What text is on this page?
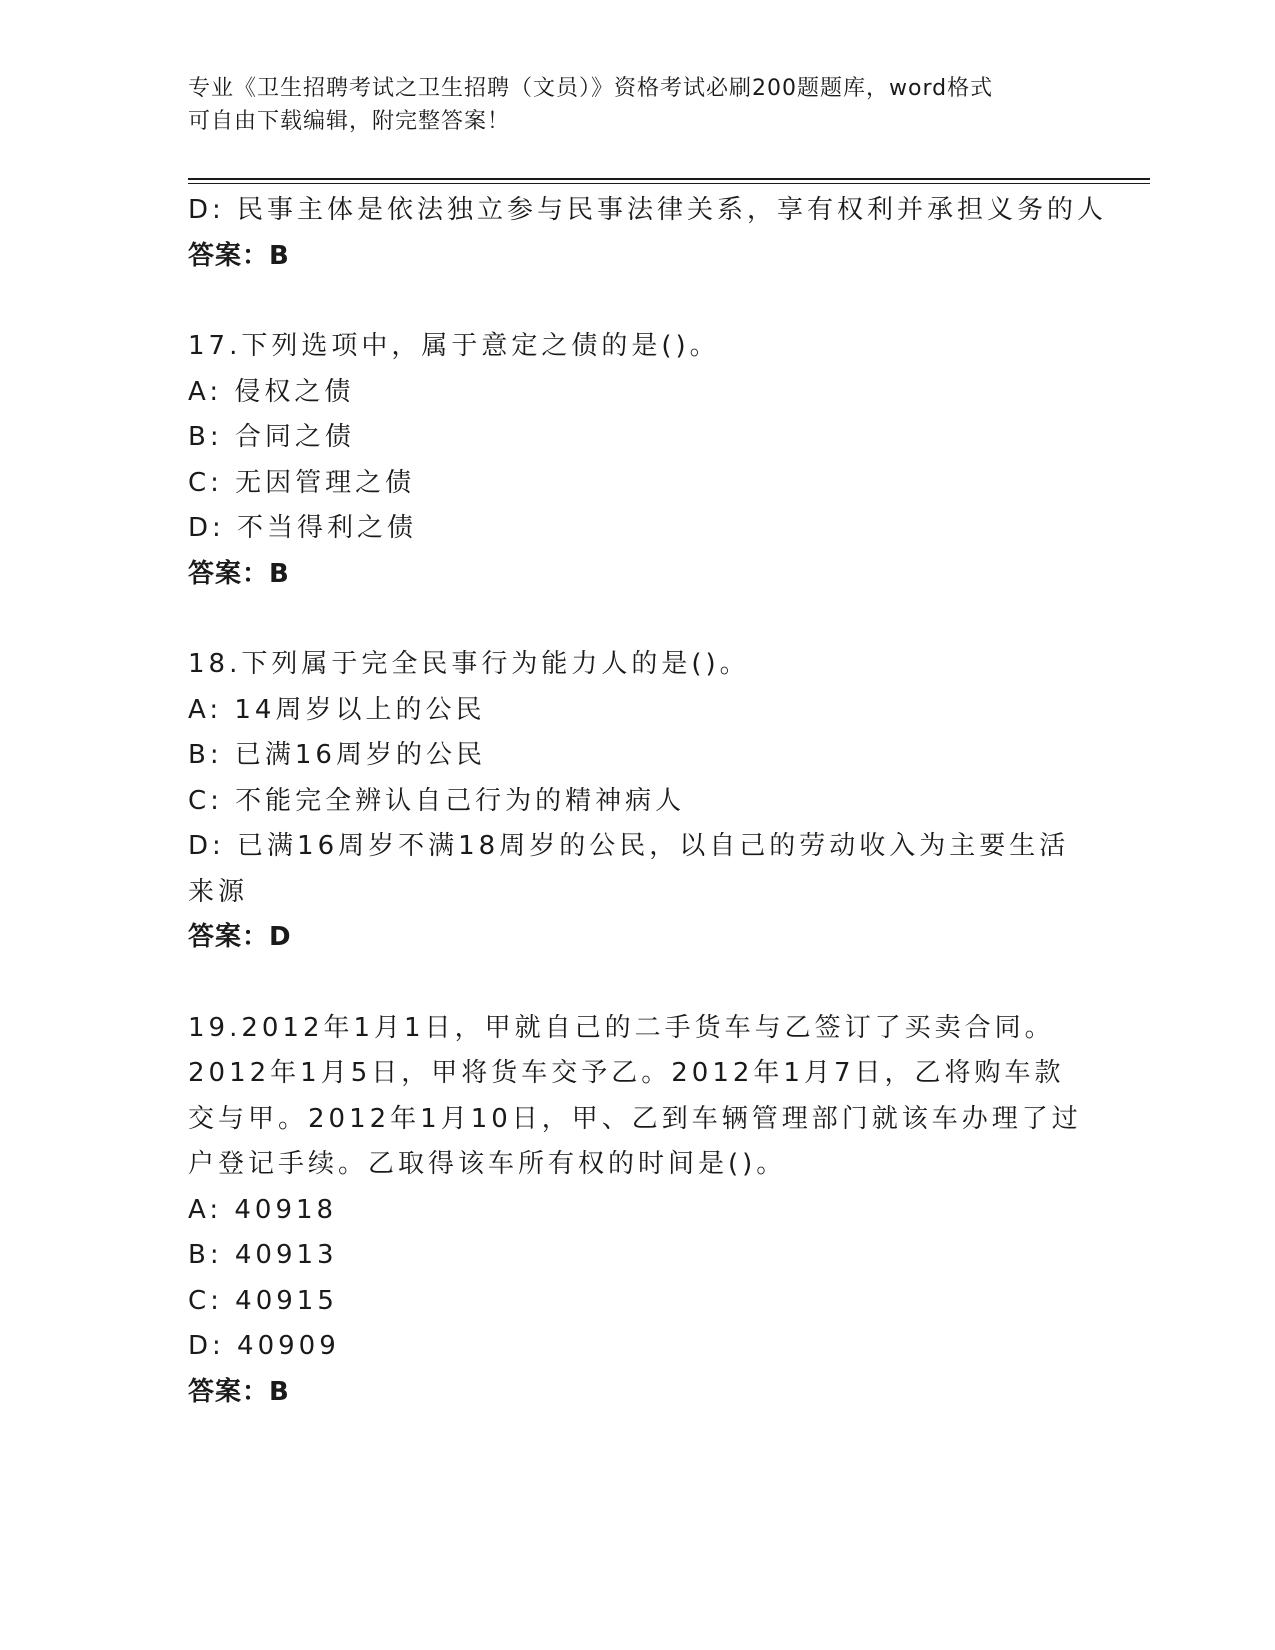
专业《卫生招聘考试之卫生招聘（文员）》资格考试必刷200题题库，word格式
可自由下载编辑，附完整答案！

D: 民事主体是依法独立参与民事法律关系，享有权利并承担义务的人

答案：B

17.下列选项中，属于意定之债的是()。

A: 侵权之债

B: 合同之债

C: 无因管理之债

D: 不当得利之债

答案：B

18.下列属于完全民事行为能力人的是()。

A: 14周岁以上的公民

B: 已满16周岁的公民

C: 不能完全辨认自己行为的精神病人

D: 已满16周岁不满18周岁的公民，以自己的劳动收入为主要生活来源

答案：D

19.2012年1月1日，甲就自己的二手货车与乙签订了买卖合同。2012年1月5日，甲将货车交予乙。2012年1月7日，乙将购车款交与甲。2012年1月10日，甲、乙到车辆管理部门就该车办理了过户登记手续。乙取得该车所有权的时间是()。

A: 40918

B: 40913

C: 40915

D: 40909

答案：B
